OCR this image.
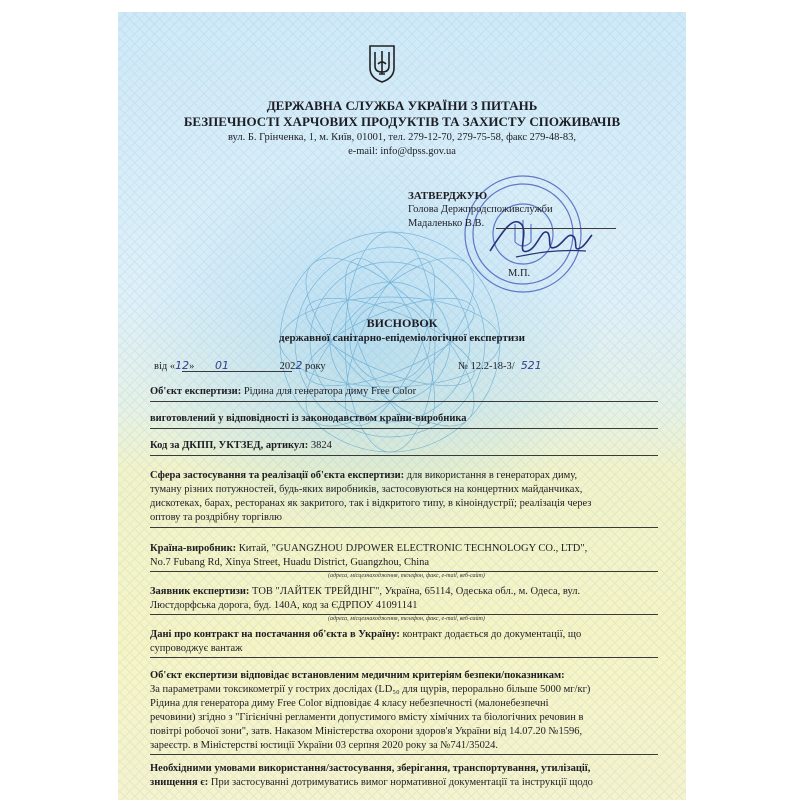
ДЕРЖАВНА СЛУЖБА УКРАЇНИ З ПИТАНЬ
БЕЗПЕЧНОСТІ ХАРЧОВИХ ПРОДУКТІВ ТА ЗАХИСТУ СПОЖИВАЧІВ
вул. Б. Грінченка, 1, м. Київ, 01001, тел. 279-12-70, 279-75-58, факс 279-48-83,
e-mail: info@dpss.gov.ua
ЗАТВЕРДЖУЮ
Голова Держпродспоживслужби
Мадаленько В.В.
М.П.
ВИСНОВОК
державної санітарно-епідеміологічної експертизи
від «12» 01	2022 року	№ 12.2-18-3/ 521
Об'єкт експертизи: Рідина для генератора диму Free Color
виготовлений у відповідності із законодавством країни-виробника
Код за ДКПП, УКТЗЕД, артикул: 3824
Сфера застосування та реалізації об'єкта експертизи: для використання в генераторах диму,
туману різних потужностей, будь-яких виробників, застосовуються на концертних майданчиках,
дискотеках, барах, ресторанах як закритого, так і відкритого типу, в кіноіндустрії; реалізація через
оптову та роздрібну торгівлю
Країна-виробник: Китай, "GUANGZHOU DJPOWER ELECTRONIC TECHNOLOGY CO., LTD",
No.7 Fubang Rd, Xinya Street, Huadu District, Guangzhou, China
(адреса, місцезнаходження, телефон, факс, e-mail, веб-сайт)
Заявник експертизи: ТОВ "ЛАЙТЕК ТРЕЙДІНГ", Україна, 65114, Одеська обл., м. Одеса, вул.
Люстдорфська дорога, буд. 140А, код за ЄДРПОУ 41091141
(адреса, місцезнаходження, телефон, факс, e-mail, веб-сайт)
Дані про контракт на постачання об'єкта в Україну: контракт додається до документації, що
супроводжує вантаж
Об'єкт експертизи відповідає встановленим медичним критеріям безпеки/показникам:
За параметрами токсикометрії у гострих дослідах (LD₅₀ для щурів, перорально більше 5000 мг/кг)
Рідина для генератора диму Free Color відповідає 4 класу небезпечності (малонебезпечні
речовини) згідно з "Гігієнічні регламенти допустимого вмісту хімічних та біологічних речовин в
повітрі робочої зони", затв. Наказом Міністерства охорони здоров'я України від 14.07.20 №1596,
зареєстр. в Міністерстві юстиції України 03 серпня 2020 року за №741/35024.
Необхідними умовами використання/застосування, зберігання, транспортування, утилізації,
знищення є: При застосуванні дотримуватись вимог нормативної документації та інструкції щодо
